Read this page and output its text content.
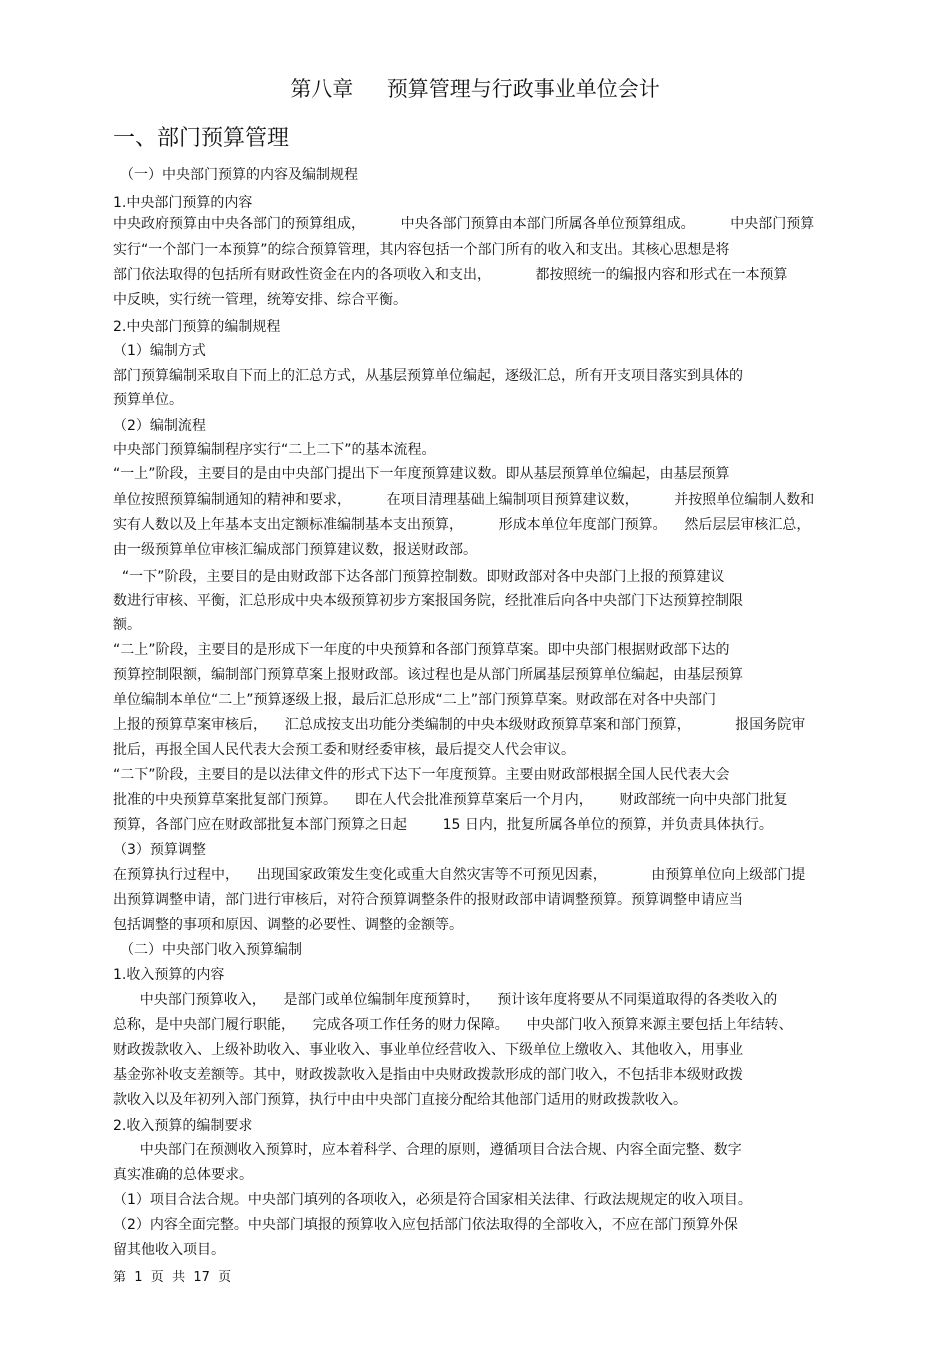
第八章     预算管理与行政事业单位会计
一、部门预算管理
（一）中央部门预算的内容及编制规程
1.中央部门预算的内容
中央政府预算由中央各部门的预算组成，        中央各部门预算由本部门所属各单位预算组成。        中央部门预算
实行“一个部门一本预算”的综合预算管理，其内容包括一个部门所有的收入和支出。其核心思想是将
部门依法取得的包括所有财政性资金在内的各项收入和支出，          都按照统一的编报内容和形式在一本预算
中反映，实行统一管理，统筹安排、综合平衡。
2.中央部门预算的编制规程
（1）编制方式
部门预算编制采取自下而上的汇总方式，从基层预算单位编起，逐级汇总，所有开支项目落实到具体的
预算单位。
（2）编制流程
中央部门预算编制程序实行“二上二下”的基本流程。
“一上”阶段，主要目的是由中央部门提出下一年度预算建议数。即从基层预算单位编起，由基层预算
单位按照预算编制通知的精神和要求，        在项目清理基础上编制项目预算建议数，        并按照单位编制人数和
实有人数以及上年基本支出定额标准编制基本支出预算，        形成本单位年度部门预算。    然后层层审核汇总，
由一级预算单位审核汇编成部门预算建议数，报送财政部。
“一下”阶段，主要目的是由财政部下达各部门预算控制数。即财政部对各中央部门上报的预算建议
数进行审核、平衡，汇总形成中央本级预算初步方案报国务院，经批准后向各中央部门下达预算控制限
额。
“二上”阶段，主要目的是形成下一年度的中央预算和各部门预算草案。即中央部门根据财政部下达的
预算控制限额，编制部门预算草案上报财政部。该过程也是从部门所属基层预算单位编起，由基层预算
单位编制本单位“二上”预算逐级上报，最后汇总形成“二上”部门预算草案。财政部在对各中央部门
上报的预算草案审核后，    汇总成按支出功能分类编制的中央本级财政预算草案和部门预算，          报国务院审
批后，再报全国人民代表大会预工委和财经委审核，最后提交人代会审议。
“二下”阶段，主要目的是以法律文件的形式下达下一年度预算。主要由财政部根据全国人民代表大会
批准的中央预算草案批复部门预算。    即在人代会批准预算草案后一个月内，      财政部统一向中央部门批复
预算，各部门应在财政部批复本部门预算之日起        15 日内，批复所属各单位的预算，并负责具体执行。
（3）预算调整
在预算执行过程中，    出现国家政策发生变化或重大自然灾害等不可预见因素，          由预算单位向上级部门提
出预算调整申请，部门进行审核后，对符合预算调整条件的报财政部申请调整预算。预算调整申请应当
包括调整的事项和原因、调整的必要性、调整的金额等。
（二）中央部门收入预算编制
1.收入预算的内容
中央部门预算收入，    是部门或单位编制年度预算时，    预计该年度将要从不同渠道取得的各类收入的
总称，是中央部门履行职能，    完成各项工作任务的财力保障。    中央部门收入预算来源主要包括上年结转、
财政拨款收入、上级补助收入、事业收入、事业单位经营收入、下级单位上缴收入、其他收入，用事业
基金弥补收支差额等。其中，财政拨款收入是指由中央财政拨款形成的部门收入，不包括非本级财政拨
款收入以及年初列入部门预算，执行中由中央部门直接分配给其他部门适用的财政拨款收入。
2.收入预算的编制要求
中央部门在预测收入预算时，应本着科学、合理的原则，遵循项目合法合规、内容全面完整、数字
真实准确的总体要求。
（1）项目合法合规。中央部门填列的各项收入，必须是符合国家相关法律、行政法规规定的收入项目。
（2）内容全面完整。中央部门填报的预算收入应包括部门依法取得的全部收入，不应在部门预算外保
留其他收入项目。
第  1  页  共  17  页
